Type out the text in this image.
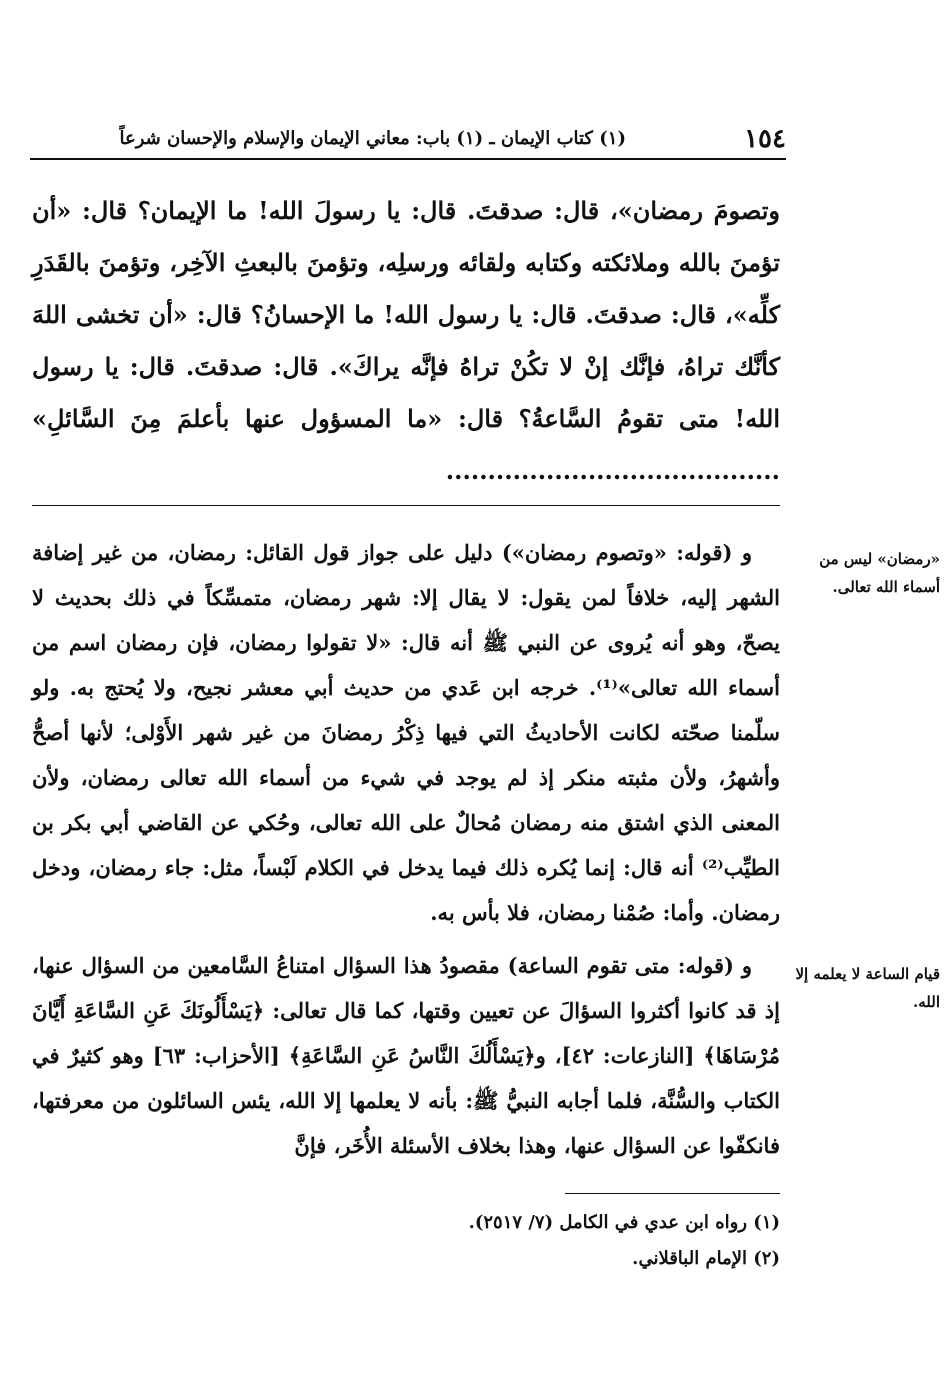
١٥٤
(١) كتاب الإيمان ـ (١) باب: معاني الإيمان والإسلام والإحسان شرعاً
وتصومَ رمضان»، قال: صدقتَ. قال: يا رسولَ الله! ما الإيمان؟ قال: «أن تؤمنَ بالله وملائكته وكتابه ولقائه ورسلِه، وتؤمنَ بالبعثِ الآخِر، وتؤمنَ بالقَدَرِ كلِّه»، قال: صدقتَ. قال: يا رسول الله! ما الإحسانُ؟ قال: «أن تخشى اللهَ كأنَّك تراهُ، فإنَّك إنْ لا تكُنْ تراهُ فإنَّه يراكَ». قال: صدقتَ. قال: يا رسول الله! متى تقومُ السَّاعةُ؟ قال: «ما المسؤول عنها بأعلمَ مِنَ السَّائلِ» ........................................
«رمضان» ليس من أسماء الله تعالى.
قيام الساعة لا يعلمه إلا الله.

و (قوله: «وتصوم رمضان») دليل على جواز قول القائل: رمضان، من غير إضافة الشهر إليه، خلافاً لمن يقول: لا يقال إلا: شهر رمضان، متمسِّكاً في ذلك بحديث لا يصحّ، وهو أنه يُروى عن النبي ﷺ أنه قال: «لا تقولوا رمضان، فإن رمضان اسم من أسماء الله تعالى»⁽¹⁾. خرجه ابن عَدي من حديث أبي معشر نجيح، ولا يُحتج به. ولو سلّمنا صحّته لكانت الأحاديثُ التي فيها ذِكْرُ رمضانَ من غير شهر الأَوْلى؛ لأنها أصحُّ وأشهرُ، ولأن مثبته منكر إذ لم يوجد في شيء من أسماء الله تعالى رمضان، ولأن المعنى الذي اشتق منه رمضان مُحالٌ على الله تعالى، وحُكي عن القاضي أبي بكر بن الطيِّب⁽²⁾ أنه قال: إنما يُكره ذلك فيما يدخل في الكلام لَبْساً، مثل: جاء رمضان، ودخل رمضان. وأما: صُمْنا رمضان، فلا بأس به.

و (قوله: متى تقوم الساعة) مقصودُ هذا السؤال امتناعُ السَّامعين من السؤال عنها، إذ قد كانوا أكثروا السؤالَ عن تعيين وقتها، كما قال تعالى: ﴿يَسْأَلُونَكَ عَنِ السَّاعَةِ أَيَّانَ مُرْسَاهَا﴾ [النازعات: ٤٢]، و﴿يَسْأَلُكَ النَّاسُ عَنِ السَّاعَةِ﴾ [الأحزاب: ٦٣] وهو كثيرٌ في الكتاب والسُّنَّة، فلما أجابه النبيُّ ﷺ: بأنه لا يعلمها إلا الله، يئس السائلون من معرفتها، فانكفّوا عن السؤال عنها، وهذا بخلاف الأسئلة الأُخَر، فإنَّ

(١) رواه ابن عدي في الكامل (٧/ ٢٥١٧).
(٢) الإمام الباقلاني.
